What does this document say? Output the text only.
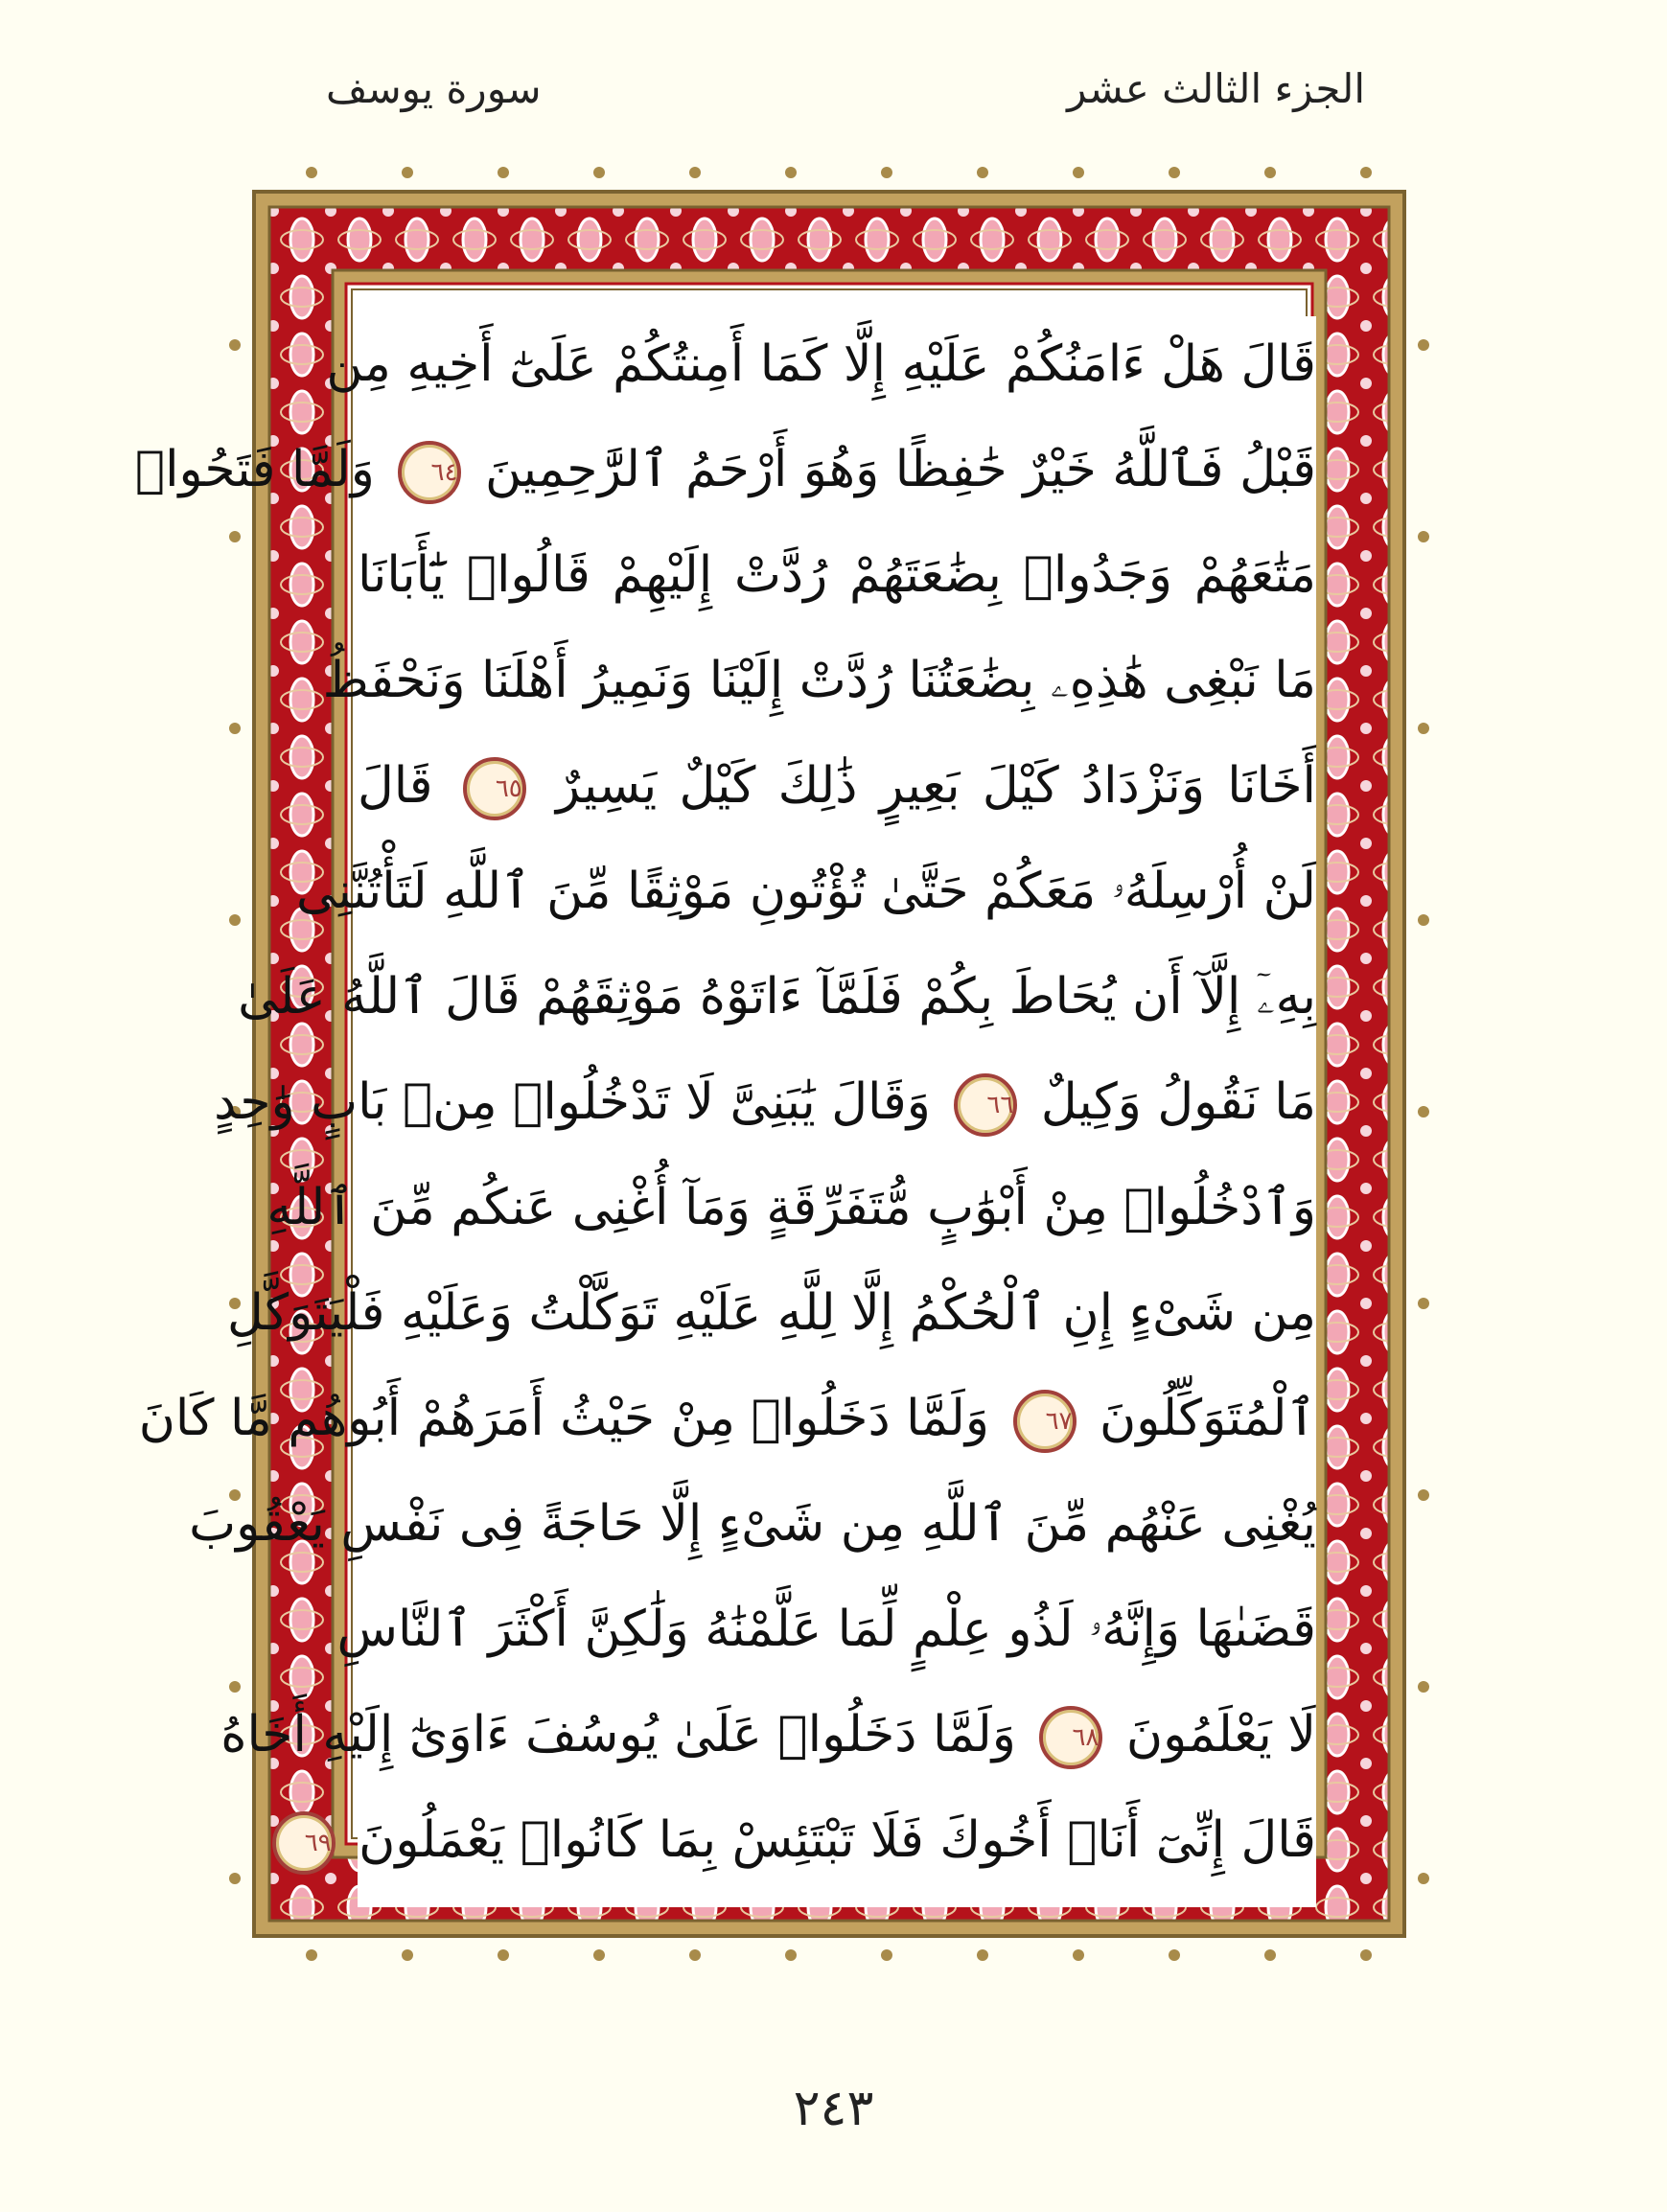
الجزء الثالث عشر
سورة يوسف
قَالَ هَلْ ءَامَنُكُمْ عَلَيْهِ إِلَّا كَمَا أَمِنتُكُمْ عَلَىٰٓ أَخِيهِ مِن
قَبْلُ فَٱللَّهُ خَيْرٌ حَٰفِظًا وَهُوَ أَرْحَمُ ٱلرَّٰحِمِينَ ٦٤ وَلَمَّا فَتَحُوا۟
مَتَٰعَهُمْ وَجَدُوا۟ بِضَٰعَتَهُمْ رُدَّتْ إِلَيْهِمْ قَالُوا۟ يَٰٓأَبَانَا
مَا نَبْغِى هَٰذِهِۦ بِضَٰعَتُنَا رُدَّتْ إِلَيْنَا وَنَمِيرُ أَهْلَنَا وَنَحْفَظُ
أَخَانَا وَنَزْدَادُ كَيْلَ بَعِيرٍ ذَٰلِكَ كَيْلٌ يَسِيرٌ ٦٥ قَالَ
لَنْ أُرْسِلَهُۥ مَعَكُمْ حَتَّىٰ تُؤْتُونِ مَوْثِقًا مِّنَ ٱللَّهِ لَتَأْتُنَّنِى
بِهِۦٓ إِلَّآ أَن يُحَاطَ بِكُمْ فَلَمَّآ ءَاتَوْهُ مَوْثِقَهُمْ قَالَ ٱللَّهُ عَلَىٰ
مَا نَقُولُ وَكِيلٌ ٦٦ وَقَالَ يَٰبَنِىَّ لَا تَدْخُلُوا۟ مِنۢ بَابٍ وَٰحِدٍ
وَٱدْخُلُوا۟ مِنْ أَبْوَٰبٍ مُّتَفَرِّقَةٍ وَمَآ أُغْنِى عَنكُم مِّنَ ٱللَّهِ
مِن شَىْءٍ إِنِ ٱلْحُكْمُ إِلَّا لِلَّهِ عَلَيْهِ تَوَكَّلْتُ وَعَلَيْهِ فَلْيَتَوَكَّلِ
ٱلْمُتَوَكِّلُونَ ٦٧ وَلَمَّا دَخَلُوا۟ مِنْ حَيْثُ أَمَرَهُمْ أَبُوهُم مَّا كَانَ
يُغْنِى عَنْهُم مِّنَ ٱللَّهِ مِن شَىْءٍ إِلَّا حَاجَةً فِى نَفْسِ يَعْقُوبَ
قَضَىٰهَا وَإِنَّهُۥ لَذُو عِلْمٍ لِّمَا عَلَّمْنَٰهُ وَلَٰكِنَّ أَكْثَرَ ٱلنَّاسِ
لَا يَعْلَمُونَ ٦٨ وَلَمَّا دَخَلُوا۟ عَلَىٰ يُوسُفَ ءَاوَىٰٓ إِلَيْهِ أَخَاهُ
قَالَ إِنِّىٓ أَنَا۠ أَخُوكَ فَلَا تَبْتَئِسْ بِمَا كَانُوا۟ يَعْمَلُونَ ٦٩
٢٤٣
